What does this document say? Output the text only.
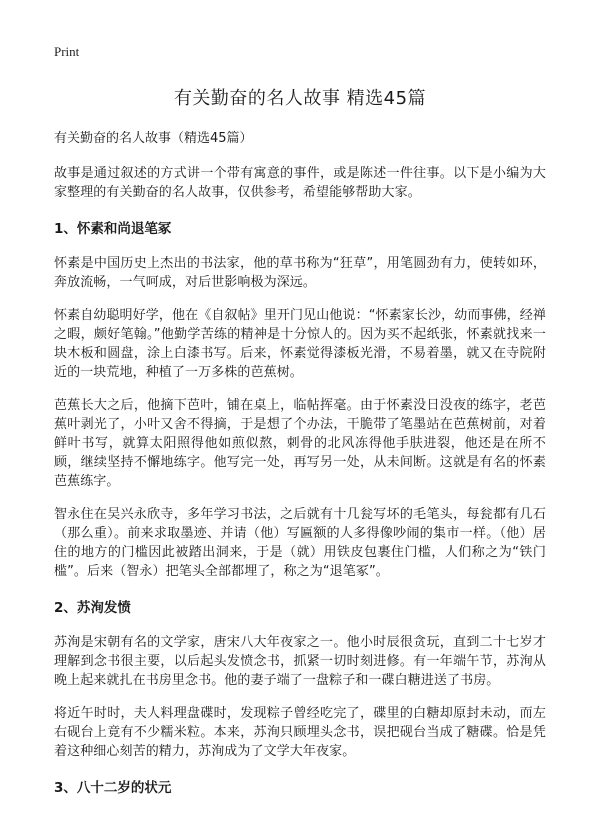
Print
有关勤奋的名人故事 精选45篇

有关勤奋的名人故事（精选45篇）

故事是通过叙述的方式讲一个带有寓意的事件，或是陈述一件往事。以下是小编为大家整理的有关勤奋的名人故事，仅供参考，希望能够帮助大家。

1、怀素和尚退笔冢

怀素是中国历史上杰出的书法家，他的草书称为“狂草”，用笔圆劲有力，使转如环，奔放流畅，一气呵成，对后世影响极为深远。

怀素自幼聪明好学，他在《自叙帖》里开门见山他说：“怀素家长沙，幼而事佛，经禅之暇，颇好笔翰。”他勤学苦练的精神是十分惊人的。因为买不起纸张，怀素就找来一块木板和圆盘，涂上白漆书写。后来，怀素觉得漆板光滑，不易着墨，就又在寺院附近的一块荒地，种植了一万多株的芭蕉树。

芭蕉长大之后，他摘下芭叶，铺在桌上，临帖挥毫。由于怀素没日没夜的练字，老芭蕉叶剥光了，小叶又舍不得摘，于是想了个办法，干脆带了笔墨站在芭蕉树前，对着鲜叶书写，就算太阳照得他如煎似熬，刺骨的北风冻得他手肤进裂，他还是在所不顾，继续坚持不懈地练字。他写完一处，再写另一处，从未间断。这就是有名的怀素芭蕉练字。

智永住在吴兴永欣寺，多年学习书法，之后就有十几瓮写坏的毛笔头，每瓮都有几石（那么重）。前来求取墨迹、并请（他）写匾额的人多得像吵闹的集市一样。（他）居住的地方的门槛因此被踏出洞来，于是（就）用铁皮包裹住门槛，人们称之为“铁门槛”。后来（智永）把笔头全部都埋了，称之为“退笔冢”。

2、苏洵发愤

苏洵是宋朝有名的文学家，唐宋八大年夜家之一。他小时辰很贪玩，直到二十七岁才理解到念书很主要，以后起头发愤念书，抓紧一切时刻进修。有一年端午节，苏洵从晚上起来就扎在书房里念书。他的妻子端了一盘粽子和一碟白糖进送了书房。

将近午时时，夫人料理盘碟时，发现粽子曾经吃完了，碟里的白糖却原封未动，而左右砚台上竟有不少糯米粒。本来，苏洵只顾埋头念书，误把砚台当成了糖碟。恰是凭着这种细心刻苦的精力，苏洵成为了文学大年夜家。

3、八十二岁的状元
